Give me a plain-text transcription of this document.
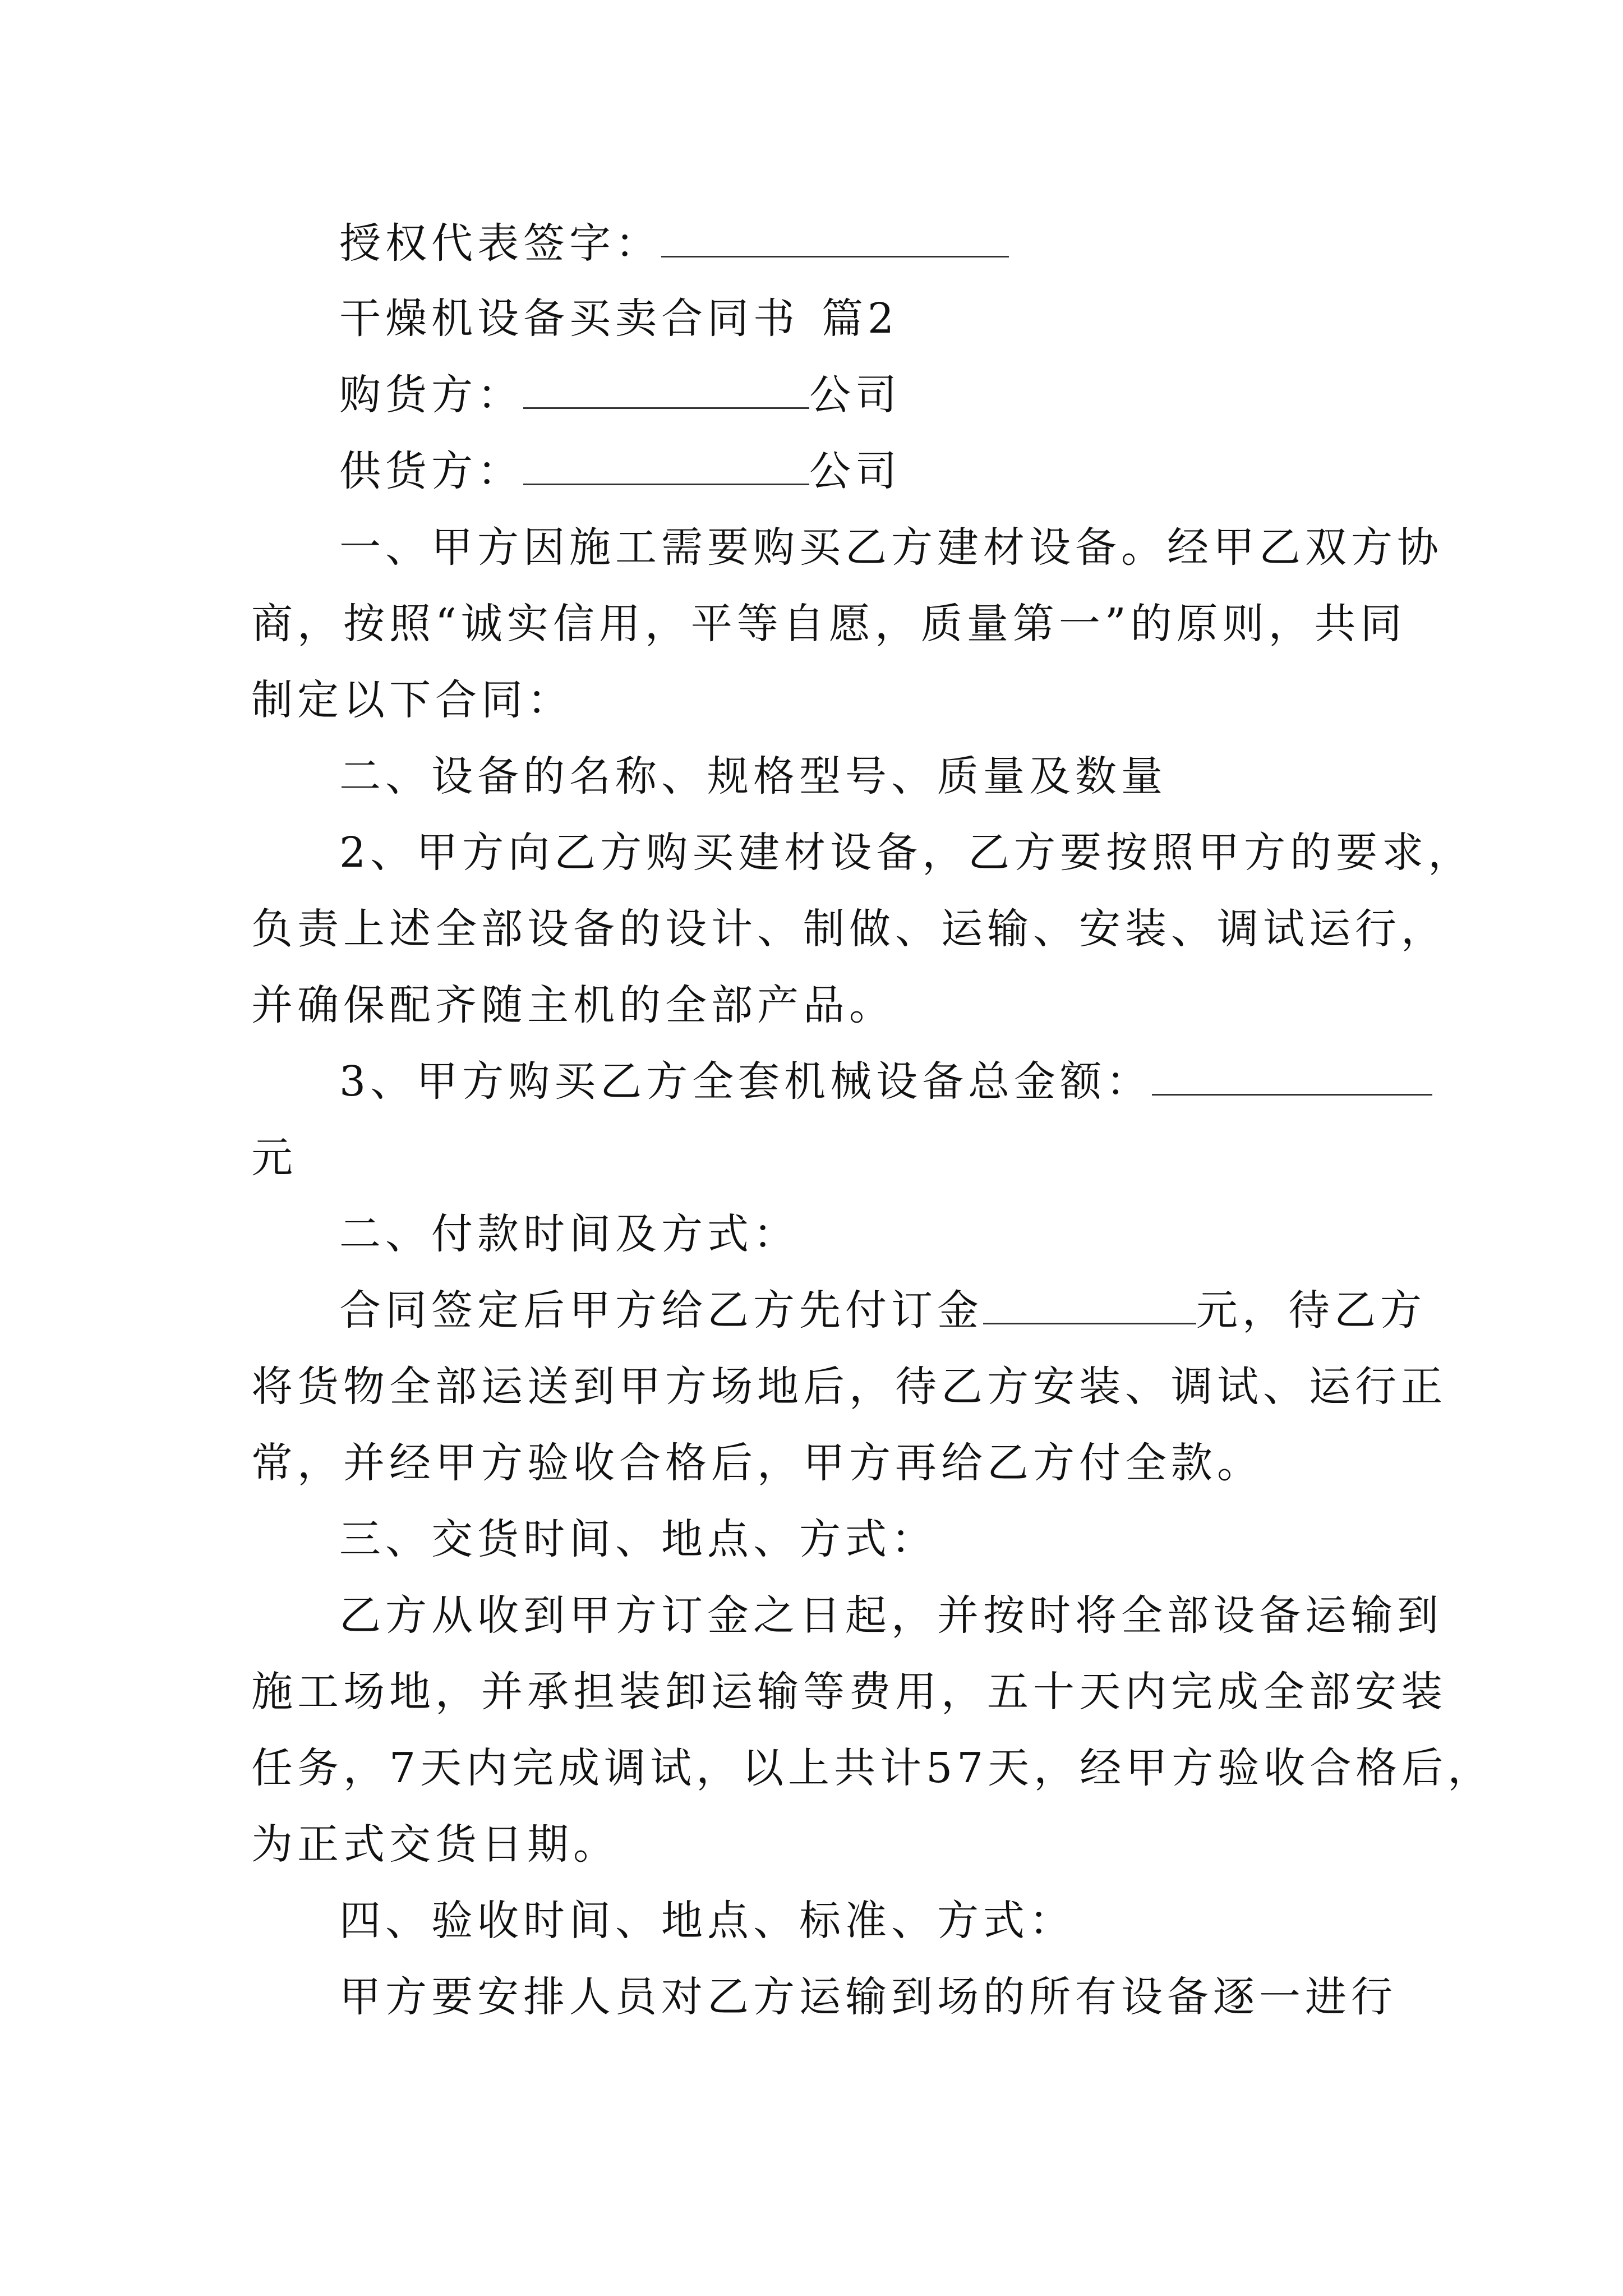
授权代表签字：
干燥机设备买卖合同书 篇2
购货方：	公司
供货方：	公司
一、甲方因施工需要购买乙方建材设备。经甲乙双方协
商，按照“诚实信用，平等自愿，质量第一”的原则，共同
制定以下合同：
二、设备的名称、规格型号、质量及数量
2、甲方向乙方购买建材设备，乙方要按照甲方的要求，
负责上述全部设备的设计、制做、运输、安装、调试运行，
并确保配齐随主机的全部产品。
3、甲方购买乙方全套机械设备总金额：
元
二、付款时间及方式：
合同签定后甲方给乙方先付订金	元，待乙方
将货物全部运送到甲方场地后，待乙方安装、调试、运行正
常，并经甲方验收合格后，甲方再给乙方付全款。
三、交货时间、地点、方式：
乙方从收到甲方订金之日起，并按时将全部设备运输到
施工场地，并承担装卸运输等费用，五十天内完成全部安装
任务，7天内完成调试，以上共计57天，经甲方验收合格后，
为正式交货日期。
四、验收时间、地点、标准、方式：
甲方要安排人员对乙方运输到场的所有设备逐一进行
